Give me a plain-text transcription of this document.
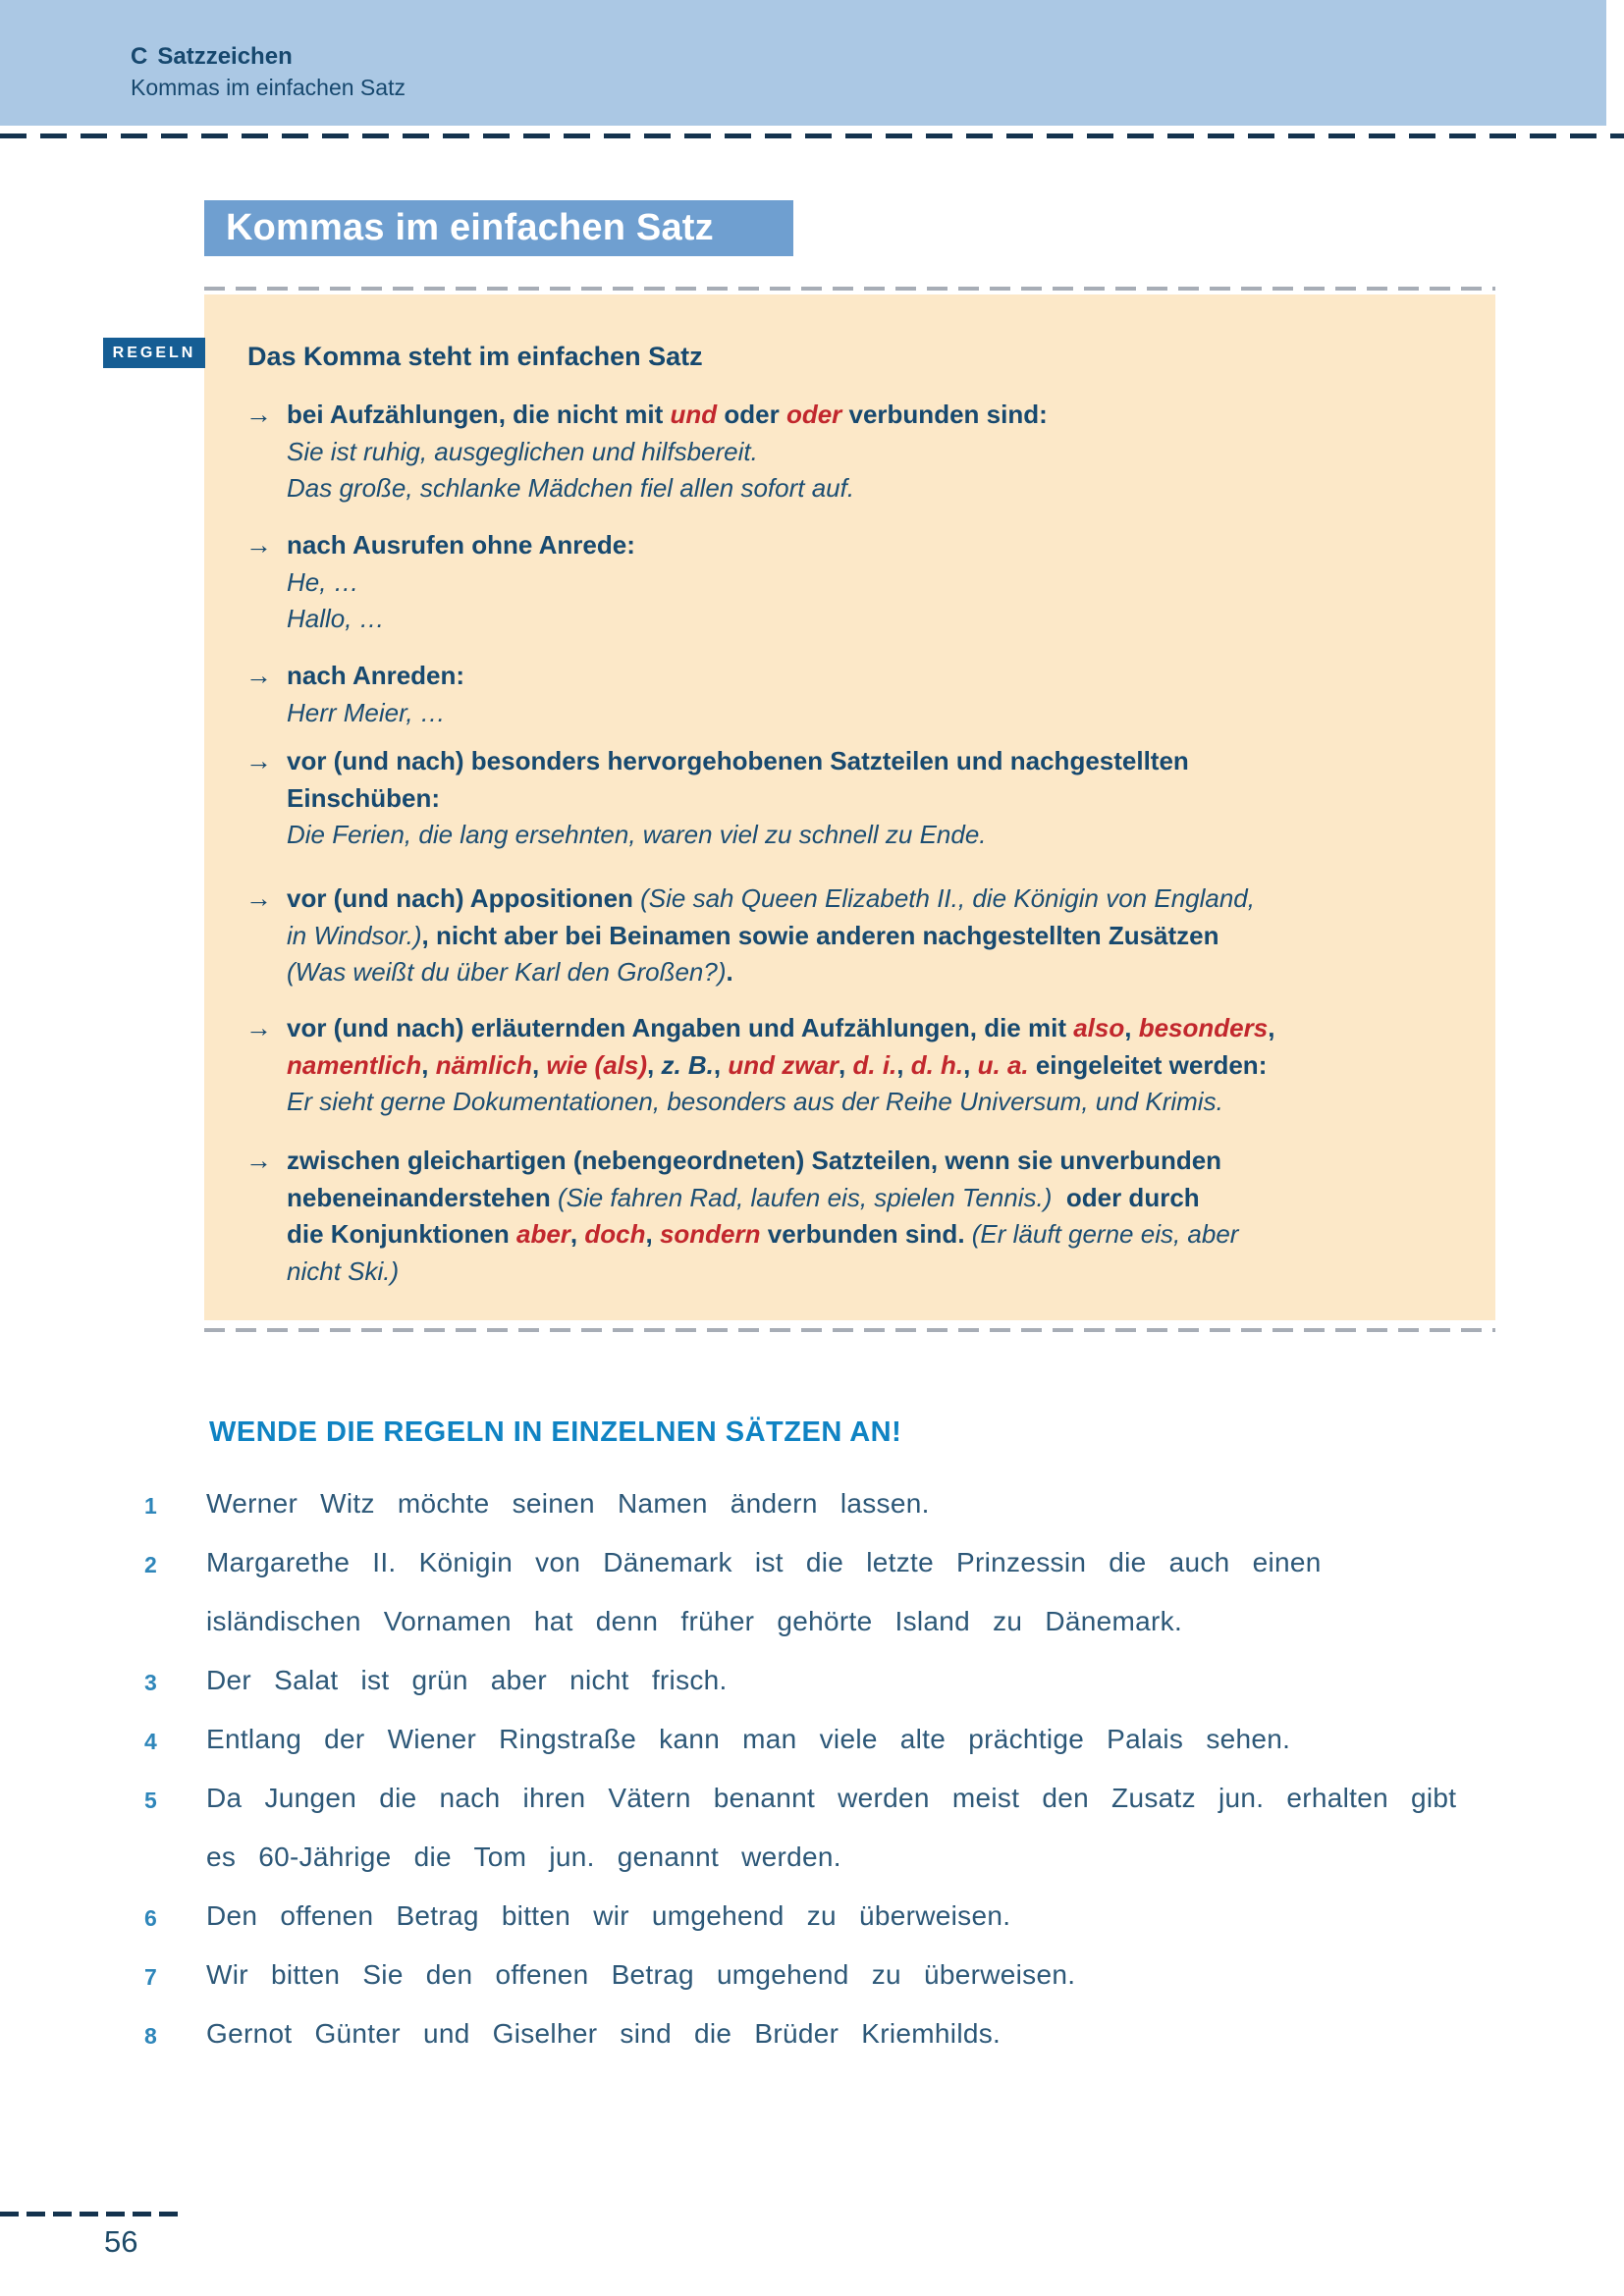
C Satzzeichen
Kommas im einfachen Satz
Kommas im einfachen Satz
REGELN Das Komma steht im einfachen Satz
→ bei Aufzählungen, die nicht mit und oder oder verbunden sind:
Sie ist ruhig, ausgeglichen und hilfsbereit.
Das große, schlanke Mädchen fiel allen sofort auf.
→ nach Ausrufen ohne Anrede:
He, …
Hallo, …
→ nach Anreden:
Herr Meier, …
→ vor (und nach) besonders hervorgehobenen Satzteilen und nachgestellten
Einschüben:
Die Ferien, die lang ersehnten, waren viel zu schnell zu Ende.
→ vor (und nach) Appositionen (Sie sah Queen Elizabeth II., die Königin von England,
in Windsor.), nicht aber bei Beinamen sowie anderen nachgestellten Zusätzen
(Was weißt du über Karl den Großen?).
→ vor (und nach) erläuternden Angaben und Aufzählungen, die mit also, besonders,
namentlich, nämlich, wie (als), z. B., und zwar, d. i., d. h., u. a. eingeleitet werden:
Er sieht gerne Dokumentationen, besonders aus der Reihe Universum, und Krimis.
→ zwischen gleichartigen (nebengeordneten) Satzteilen, wenn sie unverbunden
nebeneinanderstehen (Sie fahren Rad, laufen eis, spielen Tennis.)  oder durch
die Konjunktionen aber, doch, sondern verbunden sind. (Er läuft gerne eis, aber
nicht Ski.)
WENDE DIE REGELN IN EINZELNEN SÄTZEN AN!
1 Werner Witz möchte seinen Namen ändern lassen.
2 Margarethe II. Königin von Dänemark ist die letzte Prinzessin die auch einen
isländischen Vornamen hat denn früher gehörte Island zu Dänemark.
3 Der Salat ist grün aber nicht frisch.
4 Entlang der Wiener Ringstraße kann man viele alte prächtige Palais sehen.
5 Da Jungen die nach ihren Vätern benannt werden meist den Zusatz jun. erhalten gibt
es 60-Jährige die Tom jun. genannt werden.
6 Den offenen Betrag bitten wir umgehend zu überweisen.
7 Wir bitten Sie den offenen Betrag umgehend zu überweisen.
8 Gernot Günter und Giselher sind die Brüder Kriemhilds.
56
